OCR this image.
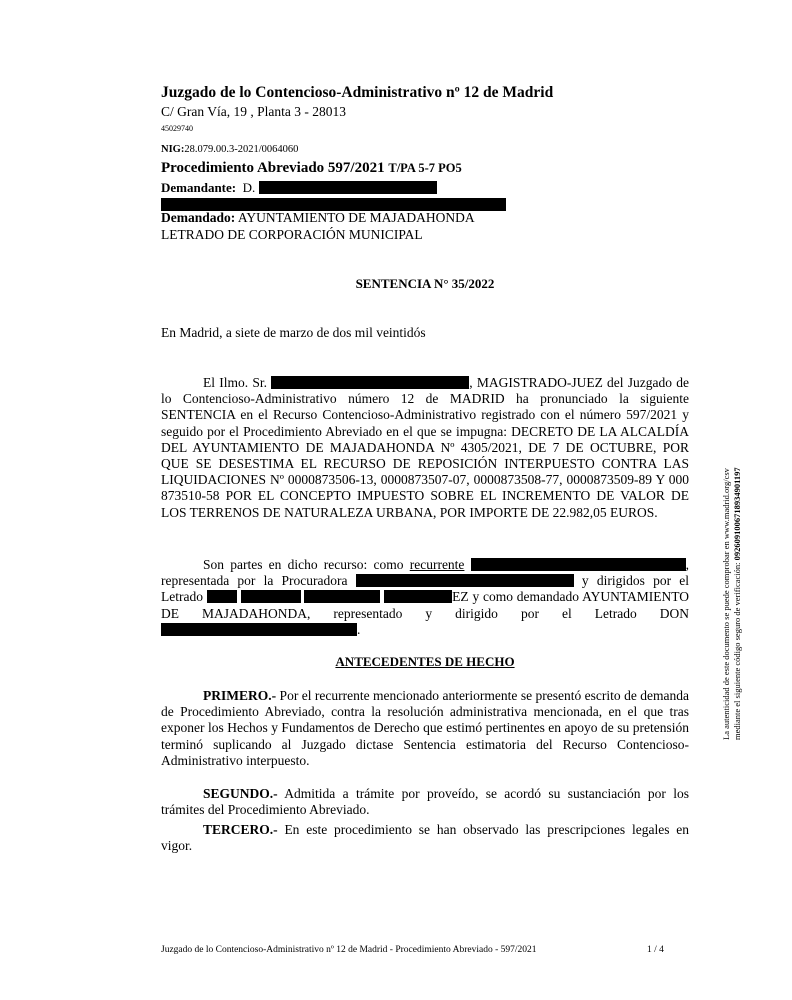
Juzgado de lo Contencioso-Administrativo nº 12 de Madrid
C/ Gran Vía, 19 , Planta 3 - 28013
45029740
NIG:28.079.00.3-2021/0064060
Procedimiento Abreviado 597/2021 T/PA 5-7 PO5
Demandante: D.
Demandado: AYUNTAMIENTO DE MAJADAHONDA
LETRADO DE CORPORACIÓN MUNICIPAL
SENTENCIA N° 35/2022
En Madrid, a siete de marzo de dos mil veintidós
El Ilmo. Sr.	, MAGISTRADO-JUEZ del Juzgado de lo Contencioso-Administrativo número 12 de MADRID ha pronunciado la siguiente SENTENCIA en el Recurso Contencioso-Administrativo registrado con el número 597/2021 y seguido por el Procedimiento Abreviado en el que se impugna: DECRETO DE LA ALCALDÍA DEL AYUNTAMIENTO DE MAJADAHONDA Nº 4305/2021, DE 7 DE OCTUBRE, POR QUE SE DESESTIMA EL RECURSO DE REPOSICIÓN INTERPUESTO CONTRA LAS LIQUIDACIONES Nº 0000873506-13, 0000873507-07, 0000873508-77, 0000873509-89 Y 000 873510-58 POR EL CONCEPTO IMPUESTO SOBRE EL INCREMENTO DE VALOR DE LOS TERRENOS DE NATURALEZA URBANA, POR IMPORTE DE 22.982,05 EUROS.
Son partes en dicho recurso: como recurrente	, representada por la Procuradora	y dirigidos por el Letrado	EZ y como demandado AYUNTAMIENTO DE MAJADAHONDA, representado y dirigido por el Letrado DON .
ANTECEDENTES DE HECHO
PRIMERO.- Por el recurrente mencionado anteriormente se presentó escrito de demanda de Procedimiento Abreviado, contra la resolución administrativa mencionada, en el que tras exponer los Hechos y Fundamentos de Derecho que estimó pertinentes en apoyo de su pretensión terminó suplicando al Juzgado dictase Sentencia estimatoria del Recurso Contencioso-Administrativo interpuesto.
SEGUNDO.- Admitida a trámite por proveído, se acordó su sustanciación por los trámites del Procedimiento Abreviado.
TERCERO.- En este procedimiento se han observado las prescripciones legales en vigor.
Juzgado de lo Contencioso-Administrativo nº 12 de Madrid - Procedimiento Abreviado - 597/2021	1 / 4
La autenticidad de este documento se puede comprobar en www.madrid.org/csv mediante el siguiente código seguro de verificación: 0926091006718934901197
